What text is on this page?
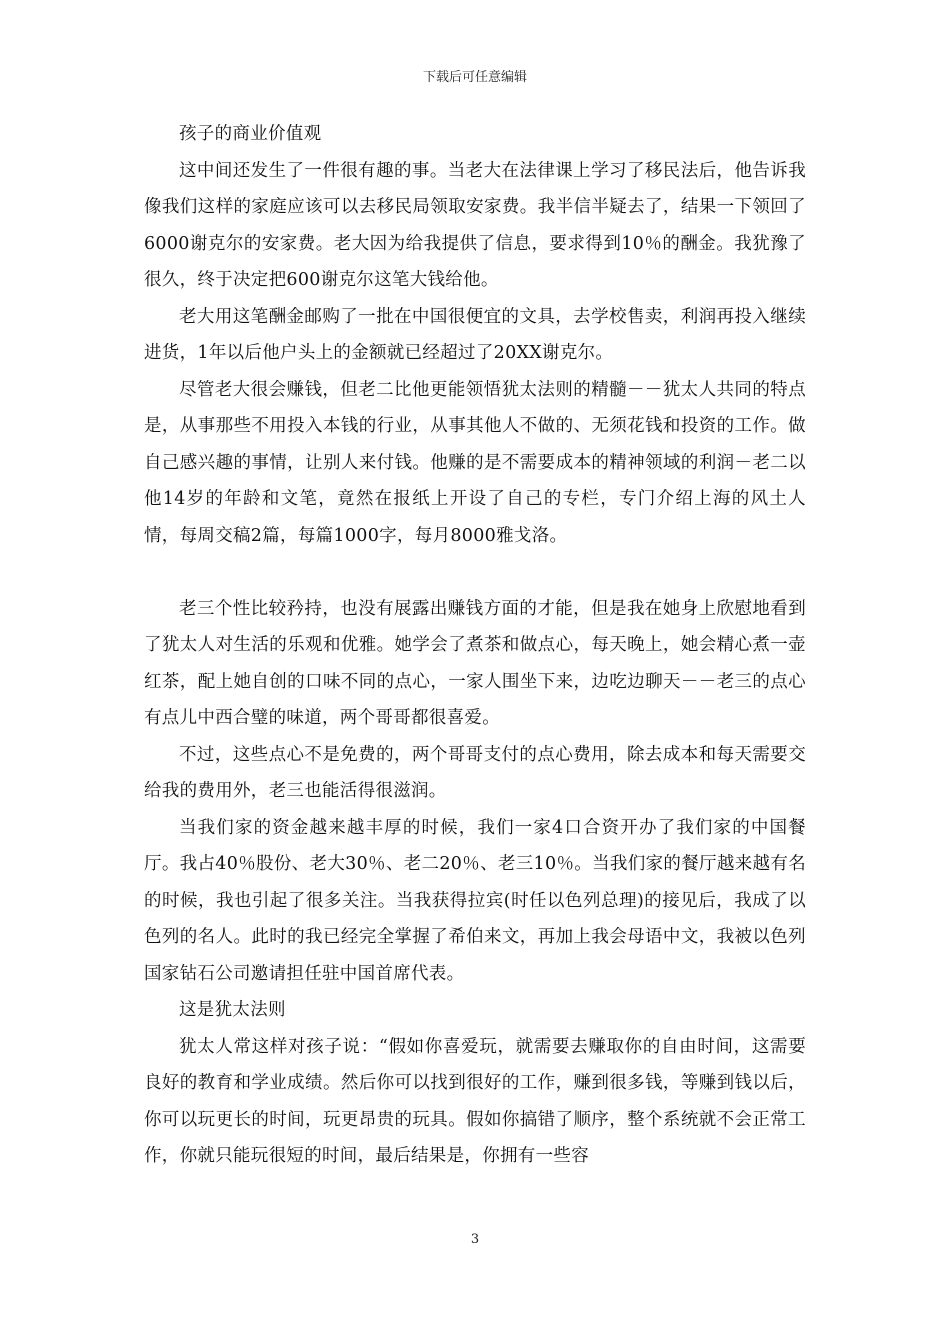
下载后可任意编辑

孩子的商业价值观

这中间还发生了一件很有趣的事。当老大在法律课上学习了移民法后，他告诉我像我们这样的家庭应该可以去移民局领取安家费。我半信半疑去了，结果一下领回了6000谢克尔的安家费。老大因为给我提供了信息，要求得到10％的酬金。我犹豫了很久，终于决定把600谢克尔这笔大钱给他。

老大用这笔酬金邮购了一批在中国很便宜的文具，去学校售卖，利润再投入继续进货，1年以后他户头上的金额就已经超过了20XX谢克尔。

尽管老大很会赚钱，但老二比他更能领悟犹太法则的精髓－－犹太人共同的特点是，从事那些不用投入本钱的行业，从事其他人不做的、无须花钱和投资的工作。做自己感兴趣的事情，让别人来付钱。他赚的是不需要成本的精神领域的利润－老二以他14岁的年龄和文笔，竟然在报纸上开设了自己的专栏，专门介绍上海的风土人情，每周交稿2篇，每篇1000字，每月8000雅戈洛。

老三个性比较矜持，也没有展露出赚钱方面的才能，但是我在她身上欣慰地看到了犹太人对生活的乐观和优雅。她学会了煮茶和做点心，每天晚上，她会精心煮一壶红茶，配上她自创的口味不同的点心，一家人围坐下来，边吃边聊天－－老三的点心有点儿中西合璧的味道，两个哥哥都很喜爱。

不过，这些点心不是免费的，两个哥哥支付的点心费用，除去成本和每天需要交给我的费用外，老三也能活得很滋润。

当我们家的资金越来越丰厚的时候，我们一家4口合资开办了我们家的中国餐厅。我占40％股份、老大30％、老二20％、老三10％。当我们家的餐厅越来越有名的时候，我也引起了很多关注。当我获得拉宾(时任以色列总理)的接见后，我成了以色列的名人。此时的我已经完全掌握了希伯来文，再加上我会母语中文，我被以色列国家钻石公司邀请担任驻中国首席代表。

这是犹太法则

犹太人常这样对孩子说：“假如你喜爱玩，就需要去赚取你的自由时间，这需要良好的教育和学业成绩。然后你可以找到很好的工作，赚到很多钱，等赚到钱以后，你可以玩更长的时间，玩更昂贵的玩具。假如你搞错了顺序，整个系统就不会正常工作，你就只能玩很短的时间，最后结果是，你拥有一些容

3
